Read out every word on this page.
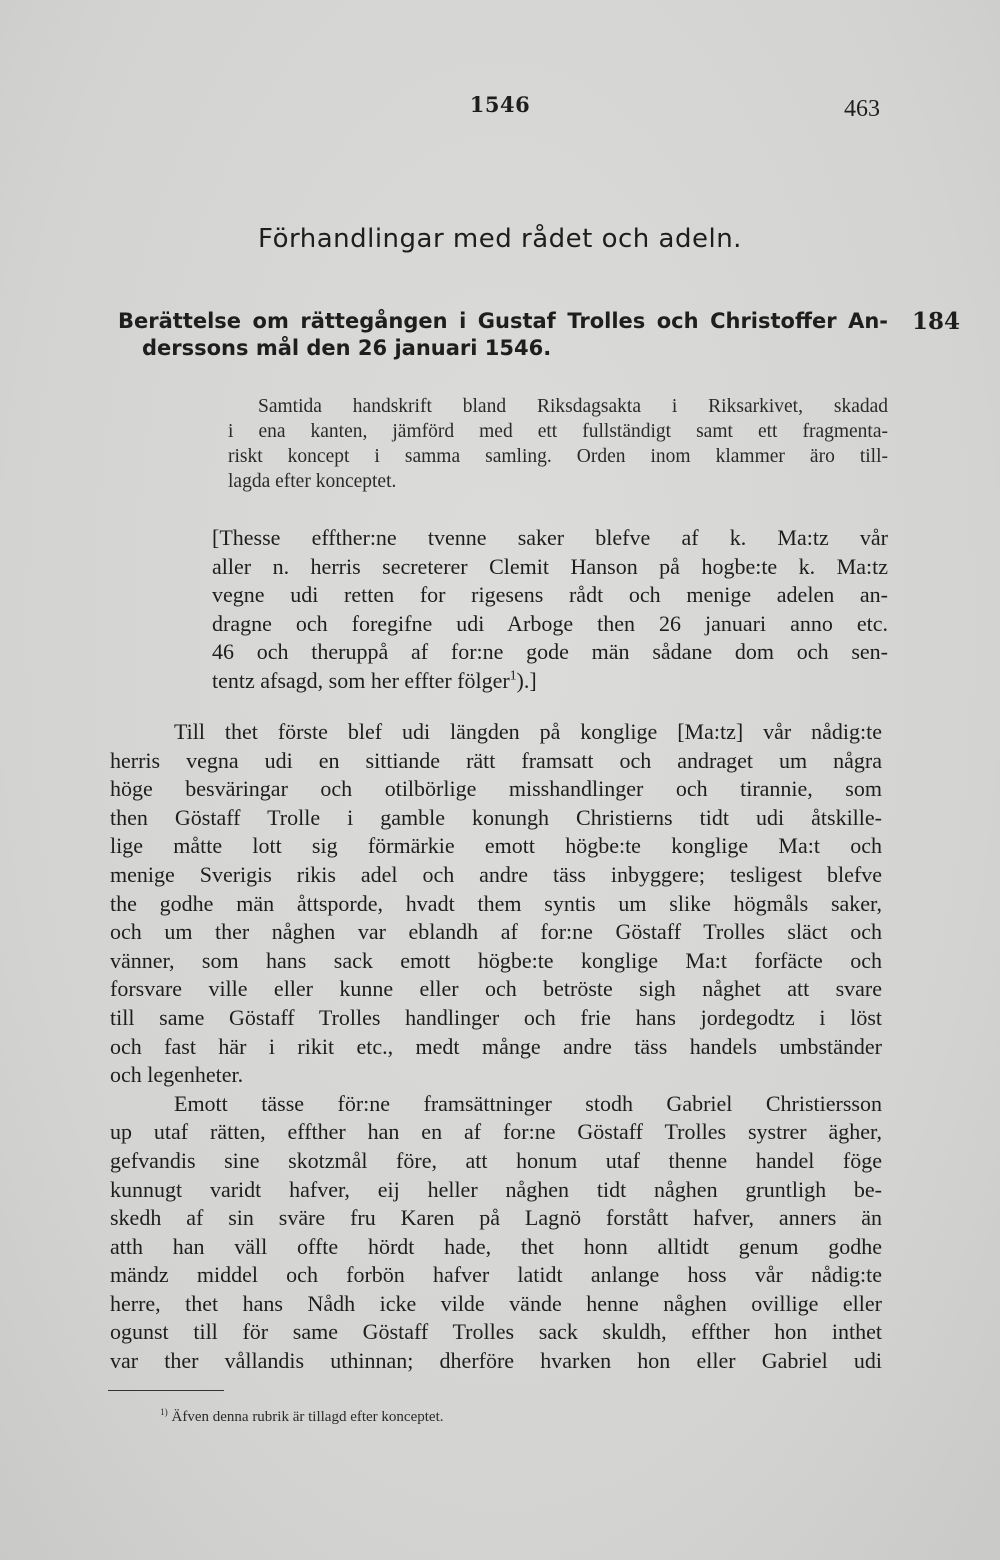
1546	463
Förhandlingar med rådet och adeln.
Berättelse om rättegången i Gustaf Trolles och Christoffer An-
derssons mål den 26 januari 1546.
184
Samtida handskrift bland Riksdagsakta i Riksarkivet, skadad
i ena kanten, jämförd med ett fullständigt samt ett fragmenta-
riskt koncept i samma samling. Orden inom klammer äro till-
lagda efter konceptet.
[Thesse effther:ne tvenne saker blefve af k. Ma:tz vår
aller n. herris secreterer Clemit Hanson på hogbe:te k. Ma:tz
vegne udi retten for rigesens rådt och menige adelen an-
dragne och foregifne udi Arboge then 26 januari anno etc.
46 och theruppå af for:ne gode män sådane dom och sen-
tentz afsagd, som her effter fölger$^1$).]
Till thet förste blef udi längden på konglige [Ma:tz] vår nådig:te
herris vegna udi en sittiande rätt framsatt och andraget um några
höge besväringar och otilbörlige misshandlinger och tirannie, som
then Göstaff Trolle i gamble konungh Christierns tidt udi åtskille-
lige måtte lott sig förmärkie emott högbe:te konglige Ma:t och
menige Sverigis rikis adel och andre täss inbyggere; tesligest blefve
the godhe män åttsporde, hvadt them syntis um slike högmåls saker,
och um ther någhen var eblandh af for:ne Göstaff Trolles släct och
vänner, som hans sack emott högbe:te konglige Ma:t forfäcte och
forsvare ville eller kunne eller och betröste sigh någhet att svare
till same Göstaff Trolles handlinger och frie hans jordegodtz i löst
och fast här i rikit etc., medt månge andre täss handels umbständer
och legenheter.
Emott tässe för:ne framsättninger stodh Gabriel Christiersson
up utaf rätten, effther han en af for:ne Göstaff Trolles systrer ägher,
gefvandis sine skotzmål före, att honum utaf thenne handel föge
kunnugt varidt hafver, eij heller någhen tidt någhen gruntligh be-
skedh af sin sväre fru Karen på Lagnö forstått hafver, anners än
atth han väll offte hördt hade, thet honn alltidt genum godhe
mändz middel och forbön hafver latidt anlange hoss vår nådig:te
herre, thet hans Nådh icke vilde vände henne någhen ovillige eller
ogunst till för same Göstaff Trolles sack skuldh, effther hon inthet
var ther vållandis uthinnan; dherföre hvarken hon eller Gabriel udi
$^{1)}$ Äfven denna rubrik är tillagd efter konceptet.
